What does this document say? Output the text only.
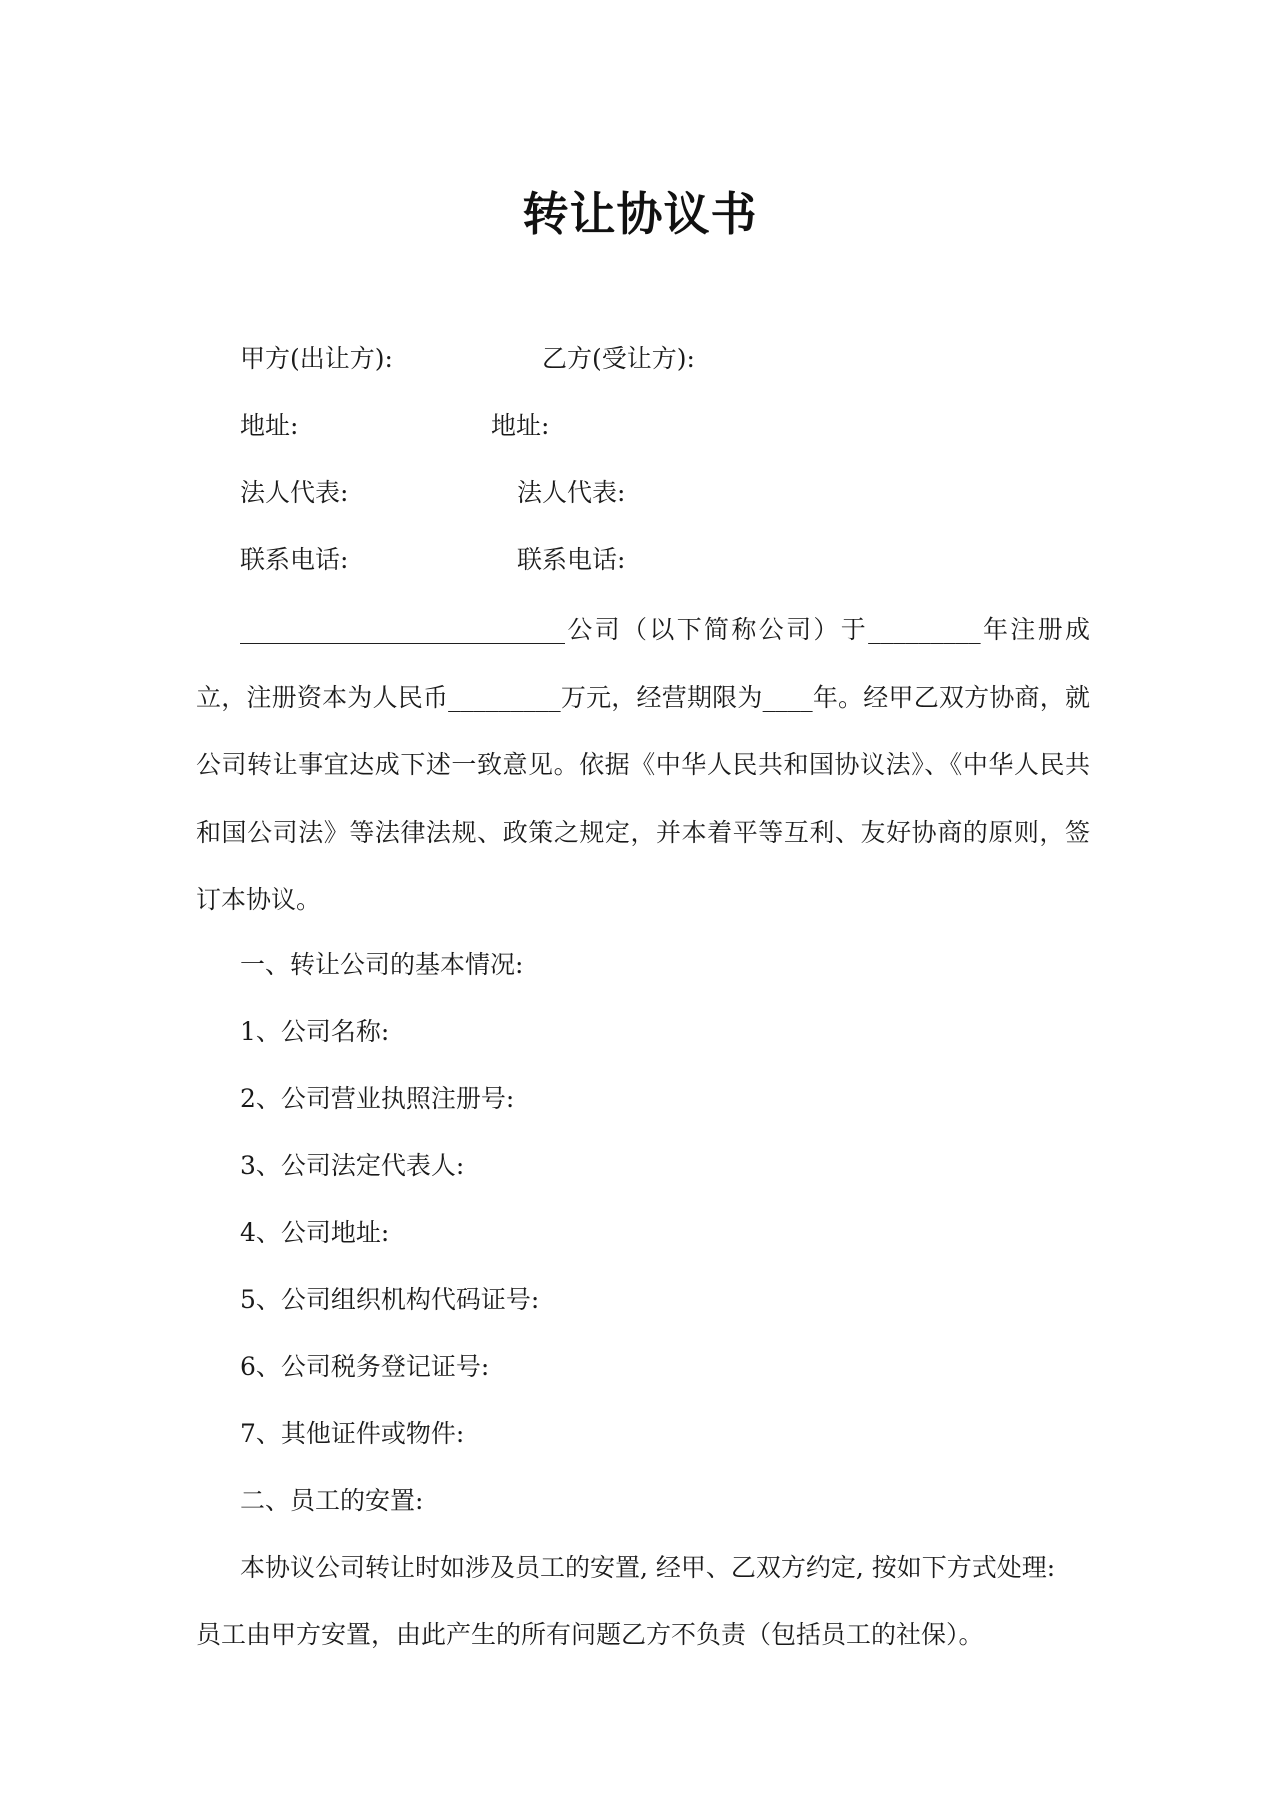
转让协议书
甲方(出让方):	乙方(受让方):
地址:	地址:
法人代表:	法人代表:
联系电话:	联系电话:
__________________________公司（以下简称公司）于_________年注册成立，注册资本为人民币_________万元，经营期限为____年。经甲乙双方协商，就公司转让事宜达成下述一致意见。依据《中华人民共和国协议法》、《中华人民共和国公司法》等法律法规、政策之规定，并本着平等互利、友好协商的原则，签订本协议。
一、转让公司的基本情况:
1、公司名称:
2、公司营业执照注册号:
3、公司法定代表人:
4、公司地址:
5、公司组织机构代码证号:
6、公司税务登记证号:
7、其他证件或物件:
二、员工的安置:
本协议公司转让时如涉及员工的安置, 经甲、乙双方约定, 按如下方式处理:
员工由甲方安置，由此产生的所有问题乙方不负责（包括员工的社保）。
